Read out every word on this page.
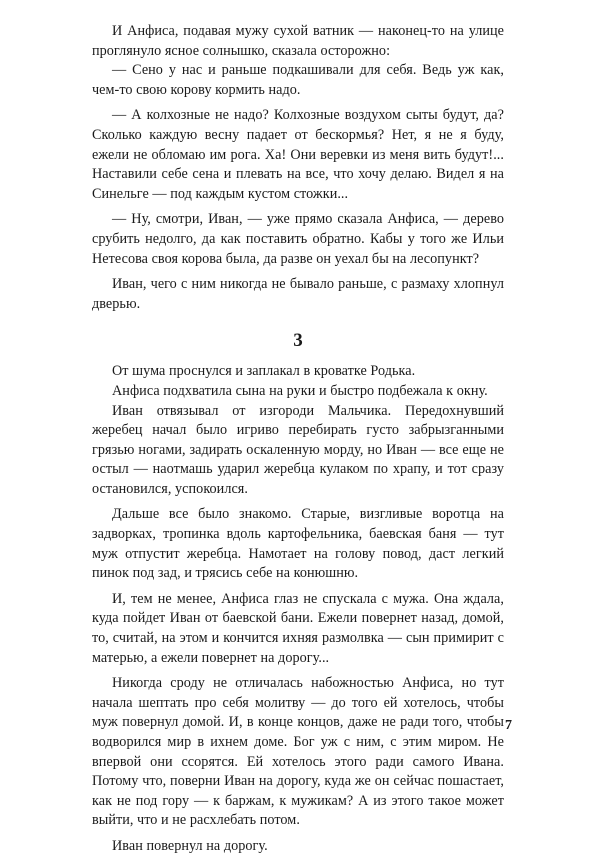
И Анфиса, подавая мужу сухой ватник — наконец-то на улице проглянуло ясное солнышко, сказала осторожно:

— Сено у нас и раньше подкашивали для себя. Ведь уж как, чем-то свою корову кормить надо.

— А колхозные не надо? Колхозные воздухом сыты будут, да? Сколько каждую весну падает от бескормья? Нет, я не я буду, ежели не обломаю им рога. Ха! Они веревки из меня вить будут!... Наставили себе сена и плевать на все, что хочу делаю. Видел я на Синельге — под каждым кустом стожки...

— Ну, смотри, Иван, — уже прямо сказала Анфиса, — дерево срубить недолго, да как поставить обратно. Кабы у того же Ильи Нетесова своя корова была, да разве он уехал бы на лесопункт?

Иван, чего с ним никогда не бывало раньше, с размаху хлопнул дверью.

3

От шума проснулся и заплакал в кроватке Родька.

Анфиса подхватила сына на руки и быстро подбежала к окну.

Иван отвязывал от изгороди Мальчика. Передохнувший жеребец начал было игриво перебирать густо забрызганными грязью ногами, задирать оскаленную морду, но Иван — все еще не остыл — наотмашь ударил жеребца кулаком по храпу, и тот сразу остановился, успокоился.

Дальше все было знакомо. Старые, визгливые воротца на задворках, тропинка вдоль картофельника, баевская баня — тут муж отпустит жеребца. Намотает на голову повод, даст легкий пинок под зад, и трясись себе на конюшню.

И, тем не менее, Анфиса глаз не спускала с мужа. Она ждала, куда пойдет Иван от баевской бани. Ежели повернет назад, домой, то, считай, на этом и кончится ихняя размолвка — сын примирит с матерью, а ежели повернет на дорогу...

Никогда сроду не отличалась набожностью Анфиса, но тут начала шептать про себя молитву — до того ей хотелось, чтобы муж повернул домой. И, в конце концов, даже не ради того, чтобы водворился мир в ихнем доме. Бог уж с ним, с этим миром. Не впервой они ссорятся. Ей хотелось этого ради самого Ивана. Потому что, поверни Иван на дорогу, куда же он сейчас пошастает, как не под гору — к баржам, к мужикам? А из этого такое может выйти, что и не расхлебать потом.

Иван повернул на дорогу.

7
